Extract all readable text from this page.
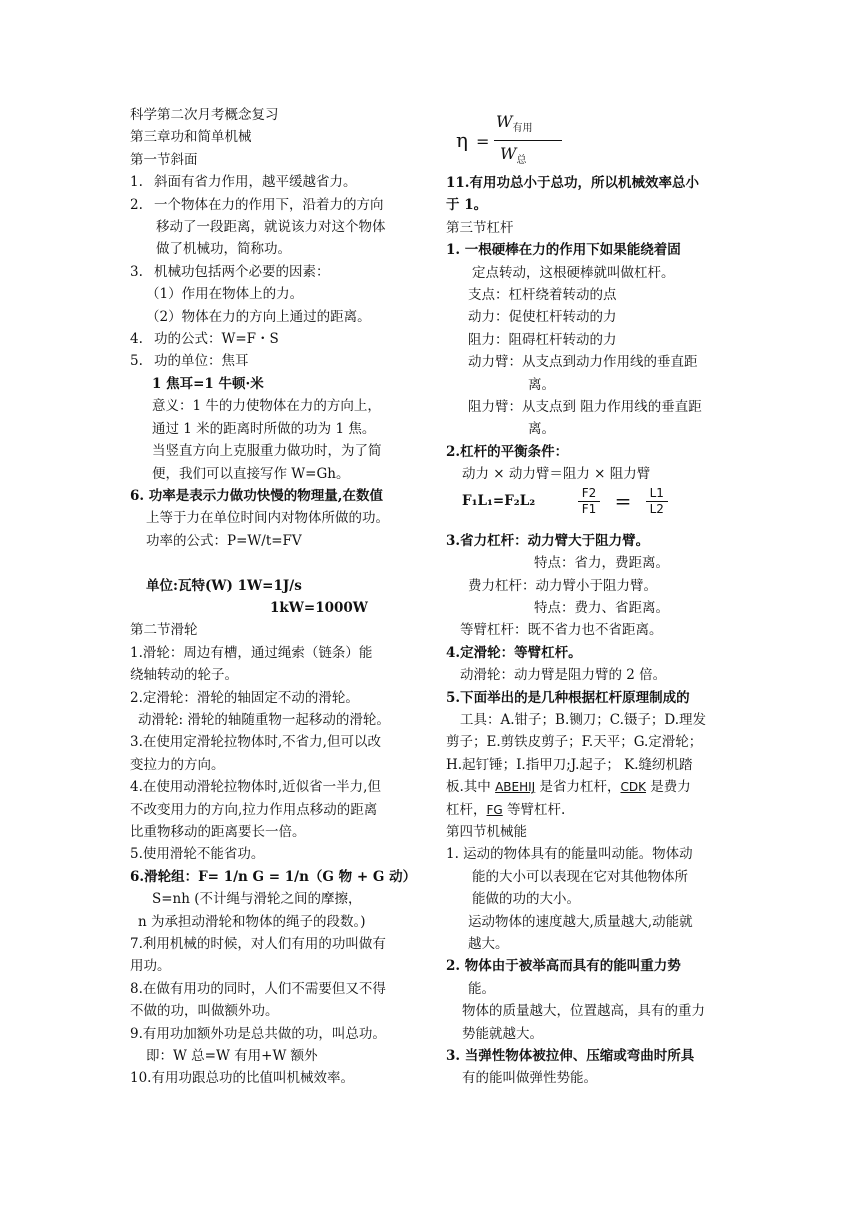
科学第二次月考概念复习
第三章功和简单机械
第一节斜面
1. 斜面有省力作用，越平缓越省力。
2. 一个物体在力的作用下，沿着力的方向
移动了一段距离，就说该力对这个物体
做了机械功，简称功。
3. 机械功包括两个必要的因素：
（1）作用在物体上的力。
（2）物体在力的方向上通过的距离。
4. 功的公式：W=F・S
5. 功的单位：焦耳
1 焦耳=1 牛顿·米
意义：1 牛的力使物体在力的方向上，
通过 1 米的距离时所做的功为 1 焦。
当竖直方向上克服重力做功时，为了简
便，我们可以直接写作 W=Gh。
6. 功率是表示力做功快慢的物理量,在数值
上等于力在单位时间内对物体所做的功。
功率的公式：P=W/t=FV
单位:瓦特(W) 1W=1J/s
1kW=1000W
第二节滑轮
1.滑轮：周边有槽，通过绳索（链条）能
绕轴转动的轮子。
2.定滑轮：滑轮的轴固定不动的滑轮。
动滑轮: 滑轮的轴随重物一起移动的滑轮。
3.在使用定滑轮拉物体时,不省力,但可以改
变拉力的方向。
4.在使用动滑轮拉物体时,近似省一半力,但
不改变用力的方向,拉力作用点移动的距离
比重物移动的距离要长一倍。
5.使用滑轮不能省功。
6.滑轮组：F= 1/n G = 1/n（G 物 + G 动）
S=nh (不计绳与滑轮之间的摩擦，
n 为承担动滑轮和物体的绳子的段数。)
7.利用机械的时候，对人们有用的功叫做有
用功。
8.在做有用功的同时，人们不需要但又不得
不做的功，叫做额外功。
9.有用功加额外功是总共做的功，叫总功。
即：W 总=W 有用+W 额外
10.有用功跟总功的比值叫机械效率。
η =
$W_{有用}$
$W_总$
11.有用功总小于总功，所以机械效率总小
于 1。
第三节杠杆
1. 一根硬棒在力的作用下如果能绕着固
定点转动，这根硬棒就叫做杠杆。
支点：杠杆绕着转动的点
动力：促使杠杆转动的力
阻力：阻碍杠杆转动的力
动力臂：从支点到动力作用线的垂直距
离。
阻力臂：从支点到 阻力作用线的垂直距
离。
2.杠杆的平衡条件：
动力 × 动力臂＝阻力 × 阻力臂
F₁L₁=F₂L₂	$\frac{F2}{F1} = \frac{L1}{L2}$
3.省力杠杆：动力臂大于阻力臂。
特点：省力，费距离。
费力杠杆：动力臂小于阻力臂。
特点：费力、省距离。
等臂杠杆：既不省力也不省距离。
4.定滑轮：等臂杠杆。
动滑轮：动力臂是阻力臂的 2 倍。
5.下面举出的是几种根据杠杆原理制成的
工具：A.钳子；B.铡刀；C.镊子；D.理发
剪子；E.剪铁皮剪子；F.天平；G.定滑轮；
H.起钉锤；I.指甲刀;J.起子； K.缝纫机踏
板.其中 ABEHIJ 是省力杠杆，CDK 是费力
杠杆，FG 等臂杠杆.
第四节机械能
1. 运动的物体具有的能量叫动能。物体动
能的大小可以表现在它对其他物体所
能做的功的大小。
运动物体的速度越大,质量越大,动能就
越大。
2. 物体由于被举高而具有的能叫重力势
能。
物体的质量越大，位置越高，具有的重力
势能就越大。
3. 当弹性物体被拉伸、压缩或弯曲时所具
有的能叫做弹性势能。
